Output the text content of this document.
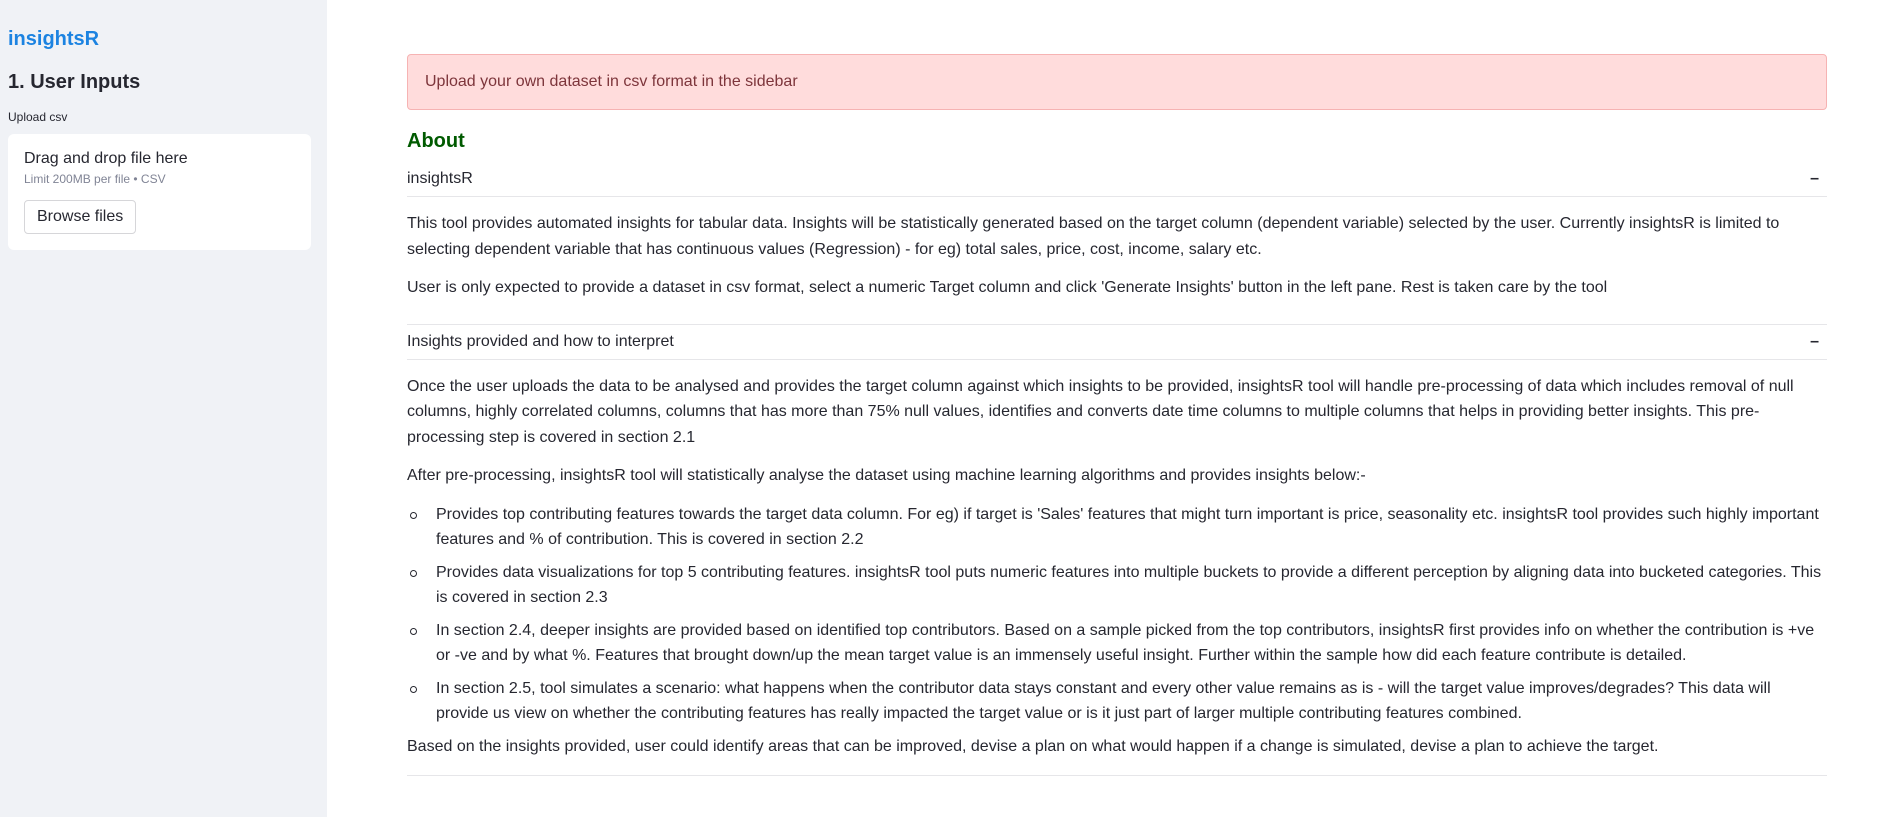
insightsR
1. User Inputs
Upload csv
Drag and drop file here
Limit 200MB per file • CSV
Browse files
Upload your own dataset in csv format in the sidebar
About
insightsR	–

This tool provides automated insights for tabular data. Insights will be statistically generated based on the target column (dependent variable) selected by the user. Currently insightsR is limited to selecting dependent variable that has continuous values (Regression) - for eg) total sales, price, cost, income, salary etc.

User is only expected to provide a dataset in csv format, select a numeric Target column and click 'Generate Insights' button in the left pane. Rest is taken care by the tool

Insights provided and how to interpret	–

Once the user uploads the data to be analysed and provides the target column against which insights to be provided, insightsR tool will handle pre-processing of data which includes removal of null columns, highly correlated columns, columns that has more than 75% null values, identifies and converts date time columns to multiple columns that helps in providing better insights. This pre-processing step is covered in section 2.1

After pre-processing, insightsR tool will statistically analyse the dataset using machine learning algorithms and provides insights below:-

Provides top contributing features towards the target data column. For eg) if target is 'Sales' features that might turn important is price, seasonality etc. insightsR tool provides such highly important features and % of contribution. This is covered in section 2.2
Provides data visualizations for top 5 contributing features. insightsR tool puts numeric features into multiple buckets to provide a different perception by aligning data into bucketed categories. This is covered in section 2.3
In section 2.4, deeper insights are provided based on identified top contributors. Based on a sample picked from the top contributors, insightsR first provides info on whether the contribution is +ve or -ve and by what %. Features that brought down/up the mean target value is an immensely useful insight. Further within the sample how did each feature contribute is detailed.
In section 2.5, tool simulates a scenario: what happens when the contributor data stays constant and every other value remains as is - will the target value improves/degrades? This data will provide us view on whether the contributing features has really impacted the target value or is it just part of larger multiple contributing features combined.

Based on the insights provided, user could identify areas that can be improved, devise a plan on what would happen if a change is simulated, devise a plan to achieve the target.
